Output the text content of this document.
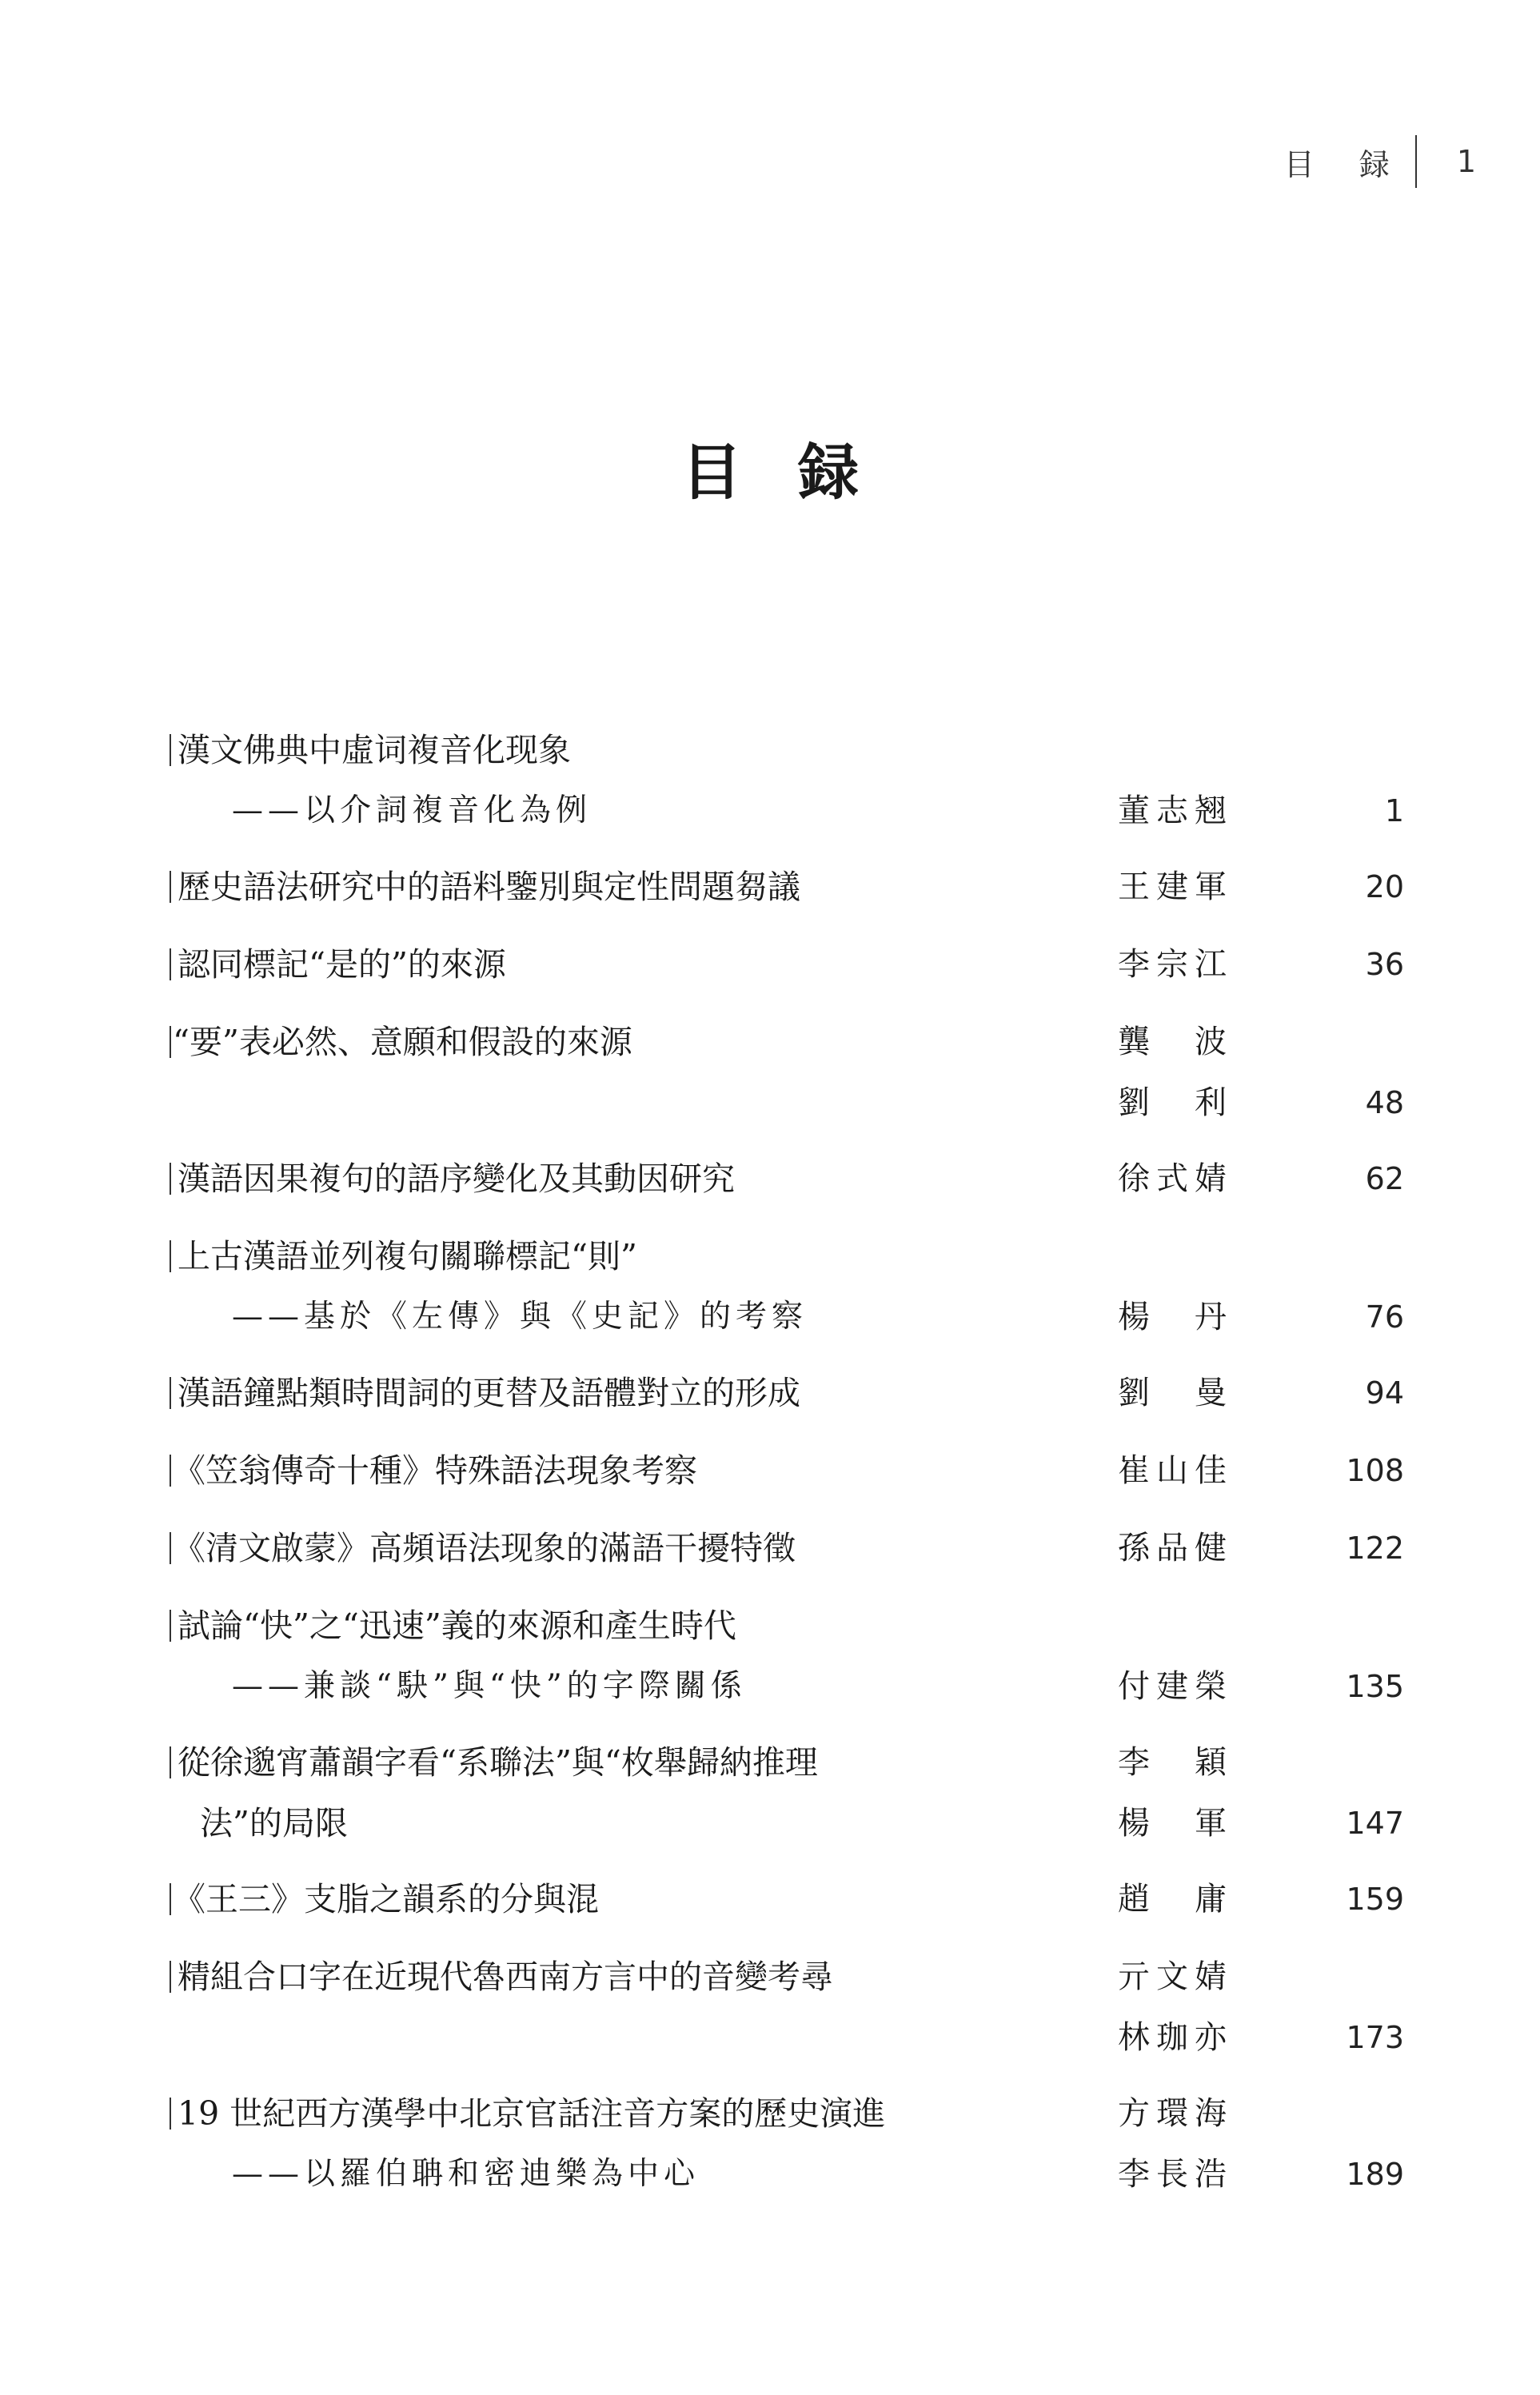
目 録 1
目録
漢文佛典中虛词複音化现象
——以介詞複音化為例	董志翘	1
歷史語法研究中的語料鑒別與定性問題芻議	王建軍	20
認同標記“是的”的來源	李宗江	36
“要”表必然、意願和假設的來源	龔　波
劉　利	48
漢語因果複句的語序變化及其動因研究	徐式婧	62
上古漢語並列複句關聯標記“則”
——基於《左傳》與《史記》的考察	楊　丹	76
漢語鐘點類時間詞的更替及語體對立的形成	劉　曼	94
《笠翁傳奇十種》特殊語法現象考察	崔山佳	108
《清文啟蒙》高頻语法现象的滿語干擾特徵	孫品健	122
試論“快”之“迅速”義的來源和產生時代
——兼談“駃”與“快”的字際關係	付建榮	135
從徐邈宵蕭韻字看“系聯法”與“枚舉歸納推理	李　穎
法”的局限	楊　軍	147
《王三》支脂之韻系的分與混	趙　庸	159
精組合口字在近現代魯西南方言中的音變考尋	亓文婧
林珈亦	173
19 世紀西方漢學中北京官話注音方案的歷史演進	方環海
——以羅伯聃和密迪樂為中心	李長浩	189
